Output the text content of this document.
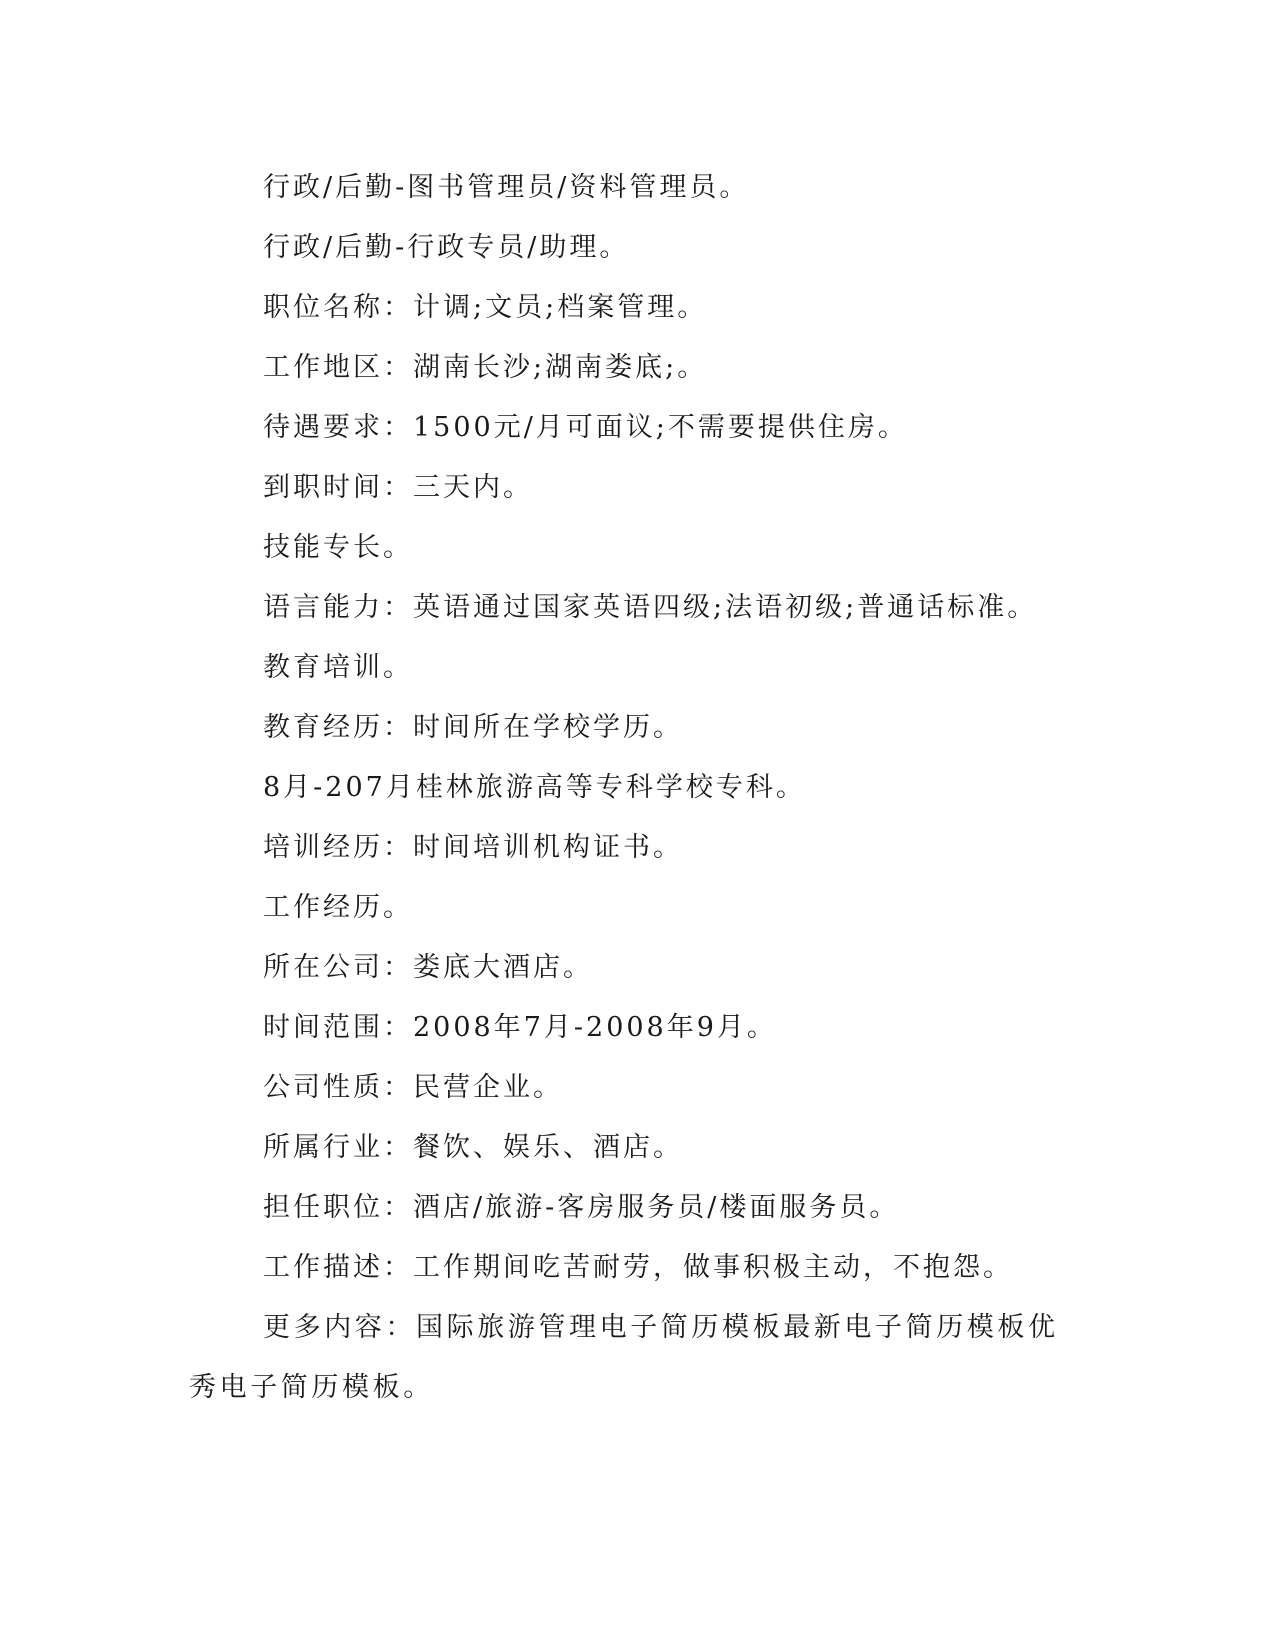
行政/后勤-图书管理员/资料管理员。

行政/后勤-行政专员/助理。

职位名称：计调;文员;档案管理。

工作地区：湖南长沙;湖南娄底;。

待遇要求：1500元/月可面议;不需要提供住房。

到职时间：三天内。

技能专长。

语言能力：英语通过国家英语四级;法语初级;普通话标准。

教育培训。

教育经历：时间所在学校学历。

8月-207月桂林旅游高等专科学校专科。

培训经历：时间培训机构证书。

工作经历。

所在公司：娄底大酒店。

时间范围：2008年7月-2008年9月。

公司性质：民营企业。

所属行业：餐饮、娱乐、酒店。

担任职位：酒店/旅游-客房服务员/楼面服务员。

工作描述：工作期间吃苦耐劳，做事积极主动，不抱怨。

更多内容：国际旅游管理电子简历模板最新电子简历模板优秀电子简历模板。
